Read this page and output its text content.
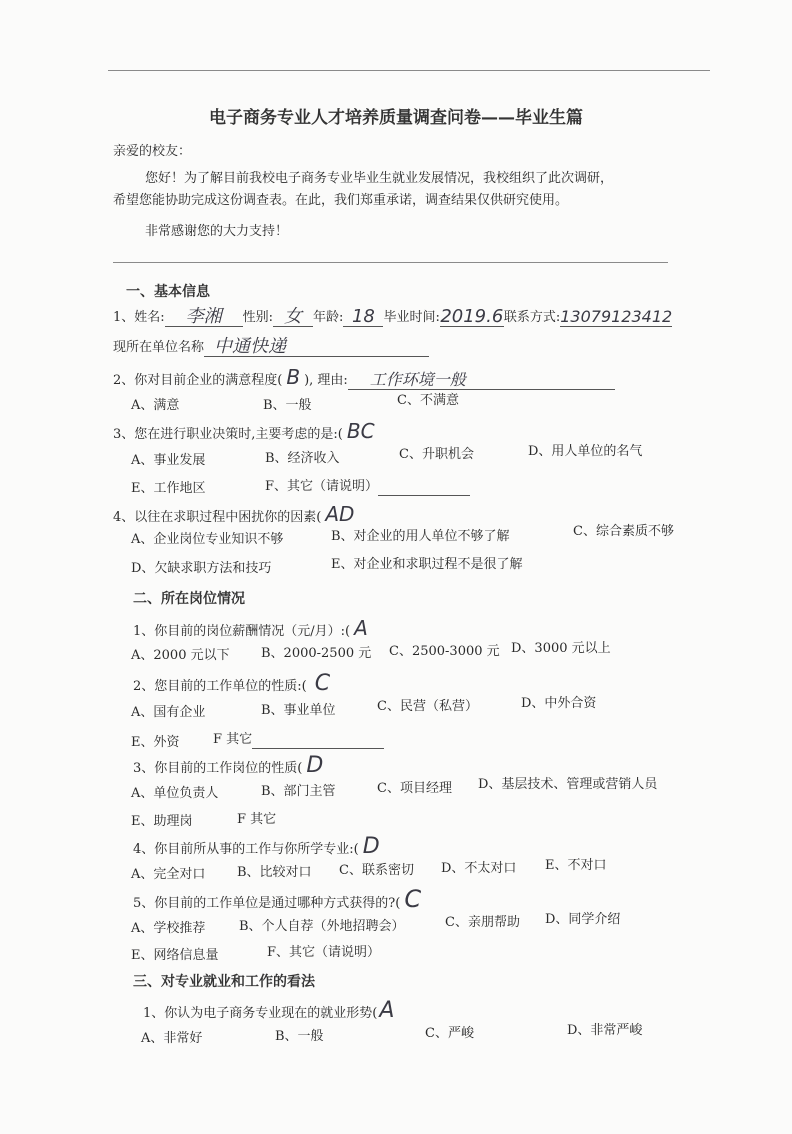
电子商务专业人才培养质量调查问卷——毕业生篇
亲爱的校友：
您好！为了解目前我校电子商务专业毕业生就业发展情况，我校组织了此次调研，
希望您能协助完成这份调查表。在此，我们郑重承诺，调查结果仅供研究使用。
非常感谢您的大力支持！
一、基本信息
1、姓名: 李湘 性别: 女 年龄: 18 毕业时间:2019.6联系方式:13079123412
现所在单位名称 中通快递
2、你对目前企业的满意程度( B ), 理由: 工作环境一般
A、满意	B、一般	C、不满意
3、您在进行职业决策时,主要考虑的是:( BC
A、事业发展	B、经济收入	C、升职机会	D、用人单位的名气
E、工作地区	F、其它（请说明）
4、以往在求职过程中困扰你的因素( AD
A、企业岗位专业知识不够	B、对企业的用人单位不够了解	C、综合素质不够
D、欠缺求职方法和技巧	E、对企业和求职过程不是很了解
二、所在岗位情况
1、你目前的岗位薪酬情况（元/月）:( A
A、2000 元以下 B、2000-2500 元 C、2500-3000 元 D、3000 元以上
2、您目前的工作单位的性质:( C
A、国有企业	B、事业单位	C、民营（私营）	D、中外合资
E、外资	F 其它
3、你目前的工作岗位的性质( D
A、单位负责人	B、部门主管	C、项目经理 D、基层技术、管理或营销人员
E、助理岗	F 其它
4、你目前所从事的工作与你所学专业:( D
A、完全对口 B、比较对口 C、联系密切 D、不太对口 E、不对口
5、你目前的工作单位是通过哪种方式获得的?( C
A、学校推荐	B、个人自荐（外地招聘会）	C、亲朋帮助 D、同学介绍
E、网络信息量	F、其它（请说明）
三、对专业就业和工作的看法
1、你认为电子商务专业现在的就业形势(A
A、非常好	B、一般	C、严峻	D、非常严峻
